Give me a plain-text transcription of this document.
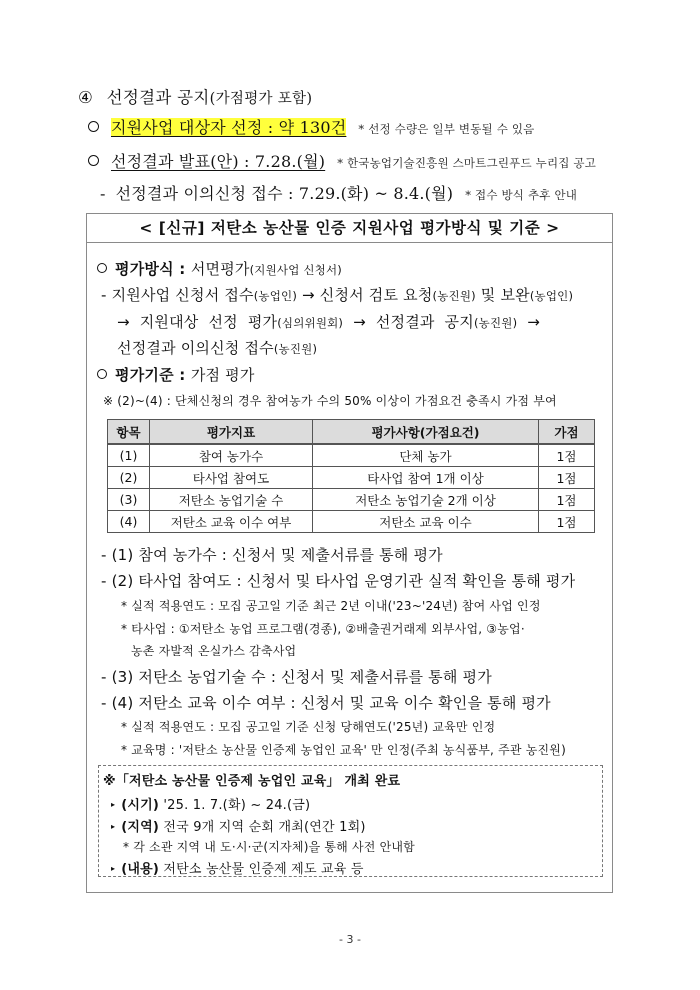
④ 선정결과 공지(가점평가 포함)
지원사업 대상자 선정 : 약 130건 * 선정 수량은 일부 변동될 수 있음
선정결과 발표(안) : 7.28.(월) * 한국농업기술진흥원 스마트그린푸드 누리집 공고
- 선정결과 이의신청 접수 : 7.29.(화) ~ 8.4.(월) * 접수 방식 추후 안내
< [신규] 저탄소 농산물 인증 지원사업 평가방식 및 기준 >
평가방식 : 서면평가(지원사업 신청서)
- 지원사업 신청서 접수(농업인) → 신청서 검토 요청(농진원) 및 보완(농업인)
→ 지원대상 선정 평가(심의위원회) → 선정결과 공지(농진원) →
선정결과 이의신청 접수(농진원)
평가기준 : 가점 평가
※ (2)~(4) : 단체신청의 경우 참여농가 수의 50% 이상이 가점요건 충족시 가점 부여
항목	평가지표	평가사항(가점요건)	가점
(1)	참여 농가수	단체 농가	1점
(2)	타사업 참여도	타사업 참여 1개 이상	1점
(3)	저탄소 농업기술 수	저탄소 농업기술 2개 이상	1점
(4)	저탄소 교육 이수 여부	저탄소 교육 이수	1점
- (1) 참여 농가수 : 신청서 및 제출서류를 통해 평가
- (2) 타사업 참여도 : 신청서 및 타사업 운영기관 실적 확인을 통해 평가
* 실적 적용연도 : 모집 공고일 기준 최근 2년 이내('23~'24년) 참여 사업 인정
* 타사업 : ①저탄소 농업 프로그램(경종), ②배출권거래제 외부사업, ③농업·
농촌 자발적 온실가스 감축사업
- (3) 저탄소 농업기술 수 : 신청서 및 제출서류를 통해 평가
- (4) 저탄소 교육 이수 여부 : 신청서 및 교육 이수 확인을 통해 평가
* 실적 적용연도 : 모집 공고일 기준 신청 당해연도('25년) 교육만 인정
* 교육명 : '저탄소 농산물 인증제 농업인 교육' 만 인정(주최 농식품부, 주관 농진원)
※「저탄소 농산물 인증제 농업인 교육」 개최 완료
▸ (시기) '25. 1. 7.(화) ~ 24.(금)
▸ (지역) 전국 9개 지역 순회 개최(연간 1회)
* 각 소관 지역 내 도·시·군(지자체)을 통해 사전 안내함
▸ (내용) 저탄소 농산물 인증제 제도 교육 등
- 3 -
